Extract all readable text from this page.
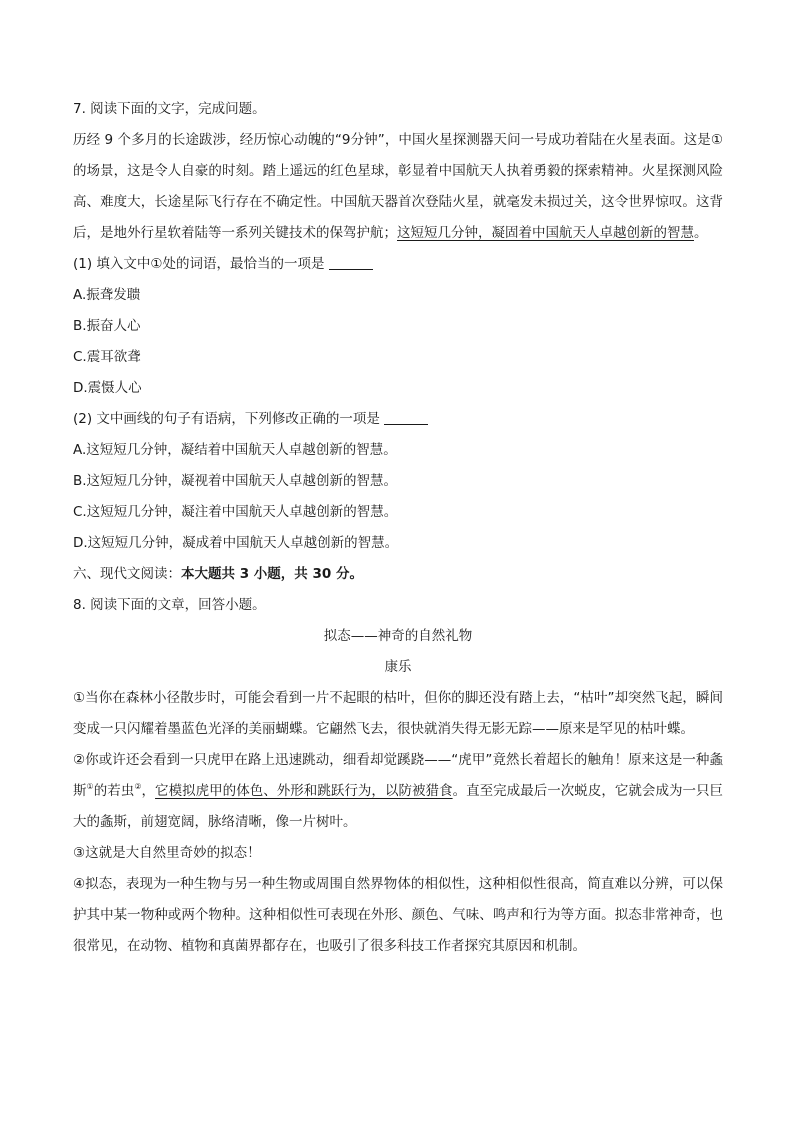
7. 阅读下面的文字，完成问题。

历经 9 个多月的长途跋涉，经历惊心动魄的“9分钟”，中国火星探测器天问一号成功着陆在火星表面。这是① 的场景，这是令人自豪的时刻。踏上遥远的红色星球，彰显着中国航天人执着勇毅的探索精神。火星探测风险高、难度大，长途星际飞行存在不确定性。中国航天器首次登陆火星，就毫发未损过关，这令世界惊叹。这背后，是地外行星软着陆等一系列关键技术的保驾护航；这短短几分钟，凝固着中国航天人卓越创新的智慧。

(1) 填入文中①处的词语，最恰当的一项是

A.振聋发聩

B.振奋人心

C.震耳欲聋

D.震慑人心

(2) 文中画线的句子有语病，下列修改正确的一项是

A.这短短几分钟，凝结着中国航天人卓越创新的智慧。

B.这短短几分钟，凝视着中国航天人卓越创新的智慧。

C.这短短几分钟，凝注着中国航天人卓越创新的智慧。

D.这短短几分钟，凝成着中国航天人卓越创新的智慧。

六、现代文阅读：本大题共 3 小题，共 30 分。

8. 阅读下面的文章，回答小题。

拟态——神奇的自然礼物

康乐

①当你在森林小径散步时，可能会看到一片不起眼的枯叶，但你的脚还没有踏上去，“枯叶”却突然飞起，瞬间变成一只闪耀着墨蓝色光泽的美丽蝴蝶。它翩然飞去，很快就消失得无影无踪——原来是罕见的枯叶蝶。

②你或许还会看到一只虎甲在路上迅速跳动，细看却觉蹊跷——“虎甲”竟然长着超长的触角！原来这是一种螽斯①的若虫②，它模拟虎甲的体色、外形和跳跃行为，以防被猎食。直至完成最后一次蜕皮，它就会成为一只巨大的螽斯，前翅宽阔，脉络清晰，像一片树叶。

③这就是大自然里奇妙的拟态！

④拟态，表现为一种生物与另一种生物或周围自然界物体的相似性，这种相似性很高，简直难以分辨，可以保护其中某一物种或两个物种。这种相似性可表现在外形、颜色、气味、鸣声和行为等方面。拟态非常神奇，也很常见，在动物、植物和真菌界都存在，也吸引了很多科技工作者探究其原因和机制。
